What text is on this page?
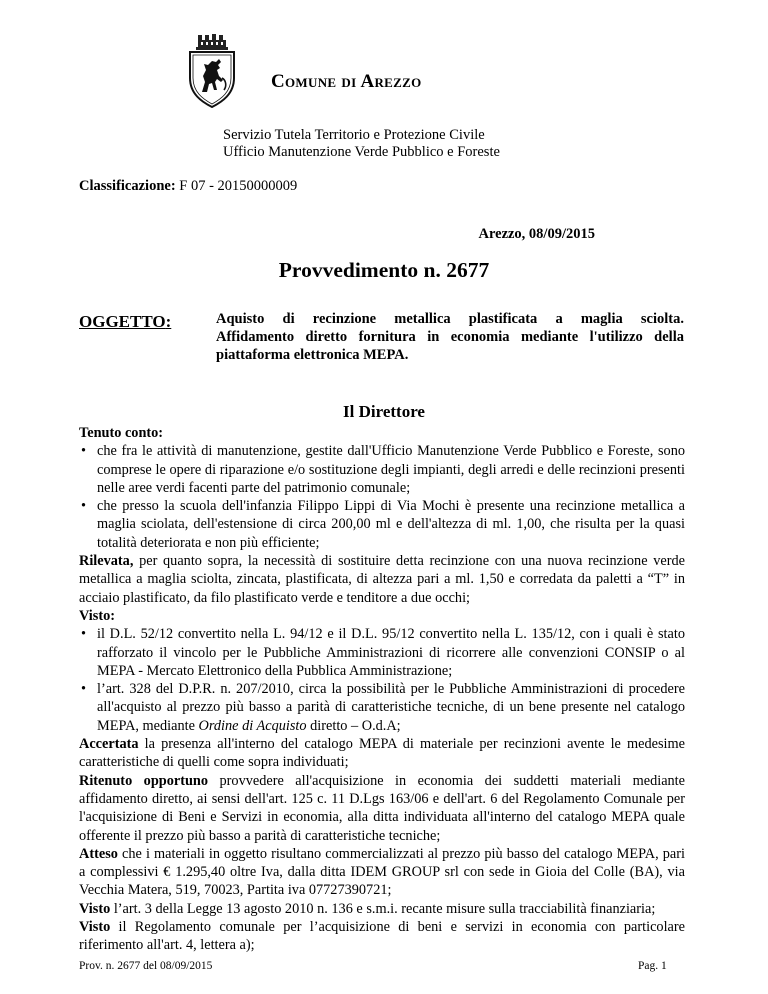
Comune di Arezzo
Servizio Tutela Territorio e Protezione Civile
Ufficio Manutenzione Verde Pubblico e Foreste
Classificazione: F 07 - 20150000009
Arezzo, 08/09/2015
Provvedimento n. 2677
OGGETTO:	Aquisto di recinzione metallica plastificata a maglia sciolta.
Affidamento diretto fornitura in economia mediante l'utilizzo della
piattaforma elettronica MEPA.
Il Direttore

Tenuto conto:

• che fra le attività di manutenzione, gestite dall'Ufficio Manutenzione Verde Pubblico e Foreste, sono comprese le opere di riparazione e/o sostituzione degli impianti, degli arredi e delle recinzioni presenti nelle aree verdi facenti parte del patrimonio comunale;
• che presso la scuola dell'infanzia Filippo Lippi di Via Mochi è presente una recinzione metallica a maglia sciolata, dell'estensione di circa 200,00 ml e dell'altezza di ml. 1,00, che risulta per la quasi totalità deteriorata e non più efficiente;

Rilevata, per quanto sopra, la necessità di sostituire detta recinzione con una nuova recinzione verde metallica a maglia sciolta, zincata, plastificata, di altezza pari a ml. 1,50 e corredata da paletti a “T” in acciaio plastificato, da filo plastificato verde e tenditore a due occhi;

Visto:

• il D.L. 52/12 convertito nella L. 94/12 e il D.L. 95/12 convertito nella L. 135/12, con i quali è stato rafforzato il vincolo per le Pubbliche Amministrazioni di ricorrere alle convenzioni CONSIP o al MEPA - Mercato Elettronico della Pubblica Amministrazione;
• l’art. 328 del D.P.R. n. 207/2010, circa la possibilità per le Pubbliche Amministrazioni di procedere all'acquisto al prezzo più basso a parità di caratteristiche tecniche, di un bene presente nel catalogo MEPA, mediante Ordine di Acquisto diretto – O.d.A;

Accertata la presenza all'interno del catalogo MEPA di materiale per recinzioni avente le medesime caratteristiche di quelli come sopra individuati;

Ritenuto opportuno provvedere all'acquisizione in economia dei suddetti materiali mediante affidamento diretto, ai sensi dell'art. 125 c. 11 D.Lgs 163/06 e dell'art. 6 del Regolamento Comunale per l'acquisizione di Beni e Servizi in economia, alla ditta individuata all'interno del catalogo MEPA quale offerente il prezzo più basso a parità di caratteristiche tecniche;

Atteso che i materiali in oggetto risultano commercializzati al prezzo più basso del catalogo MEPA, pari a complessivi € 1.295,40 oltre Iva, dalla ditta IDEM GROUP srl con sede in Gioia del Colle (BA), via Vecchia Matera, 519, 70023, Partita iva 07727390721;

Visto l’art. 3 della Legge 13 agosto 2010 n. 136 e s.m.i. recante misure sulla tracciabilità finanziaria;

Visto il Regolamento comunale per l’acquisizione di beni e servizi in economia con particolare riferimento all'art. 4, lettera a);

Prov. n. 2677 del 08/09/2015	Pag. 1
